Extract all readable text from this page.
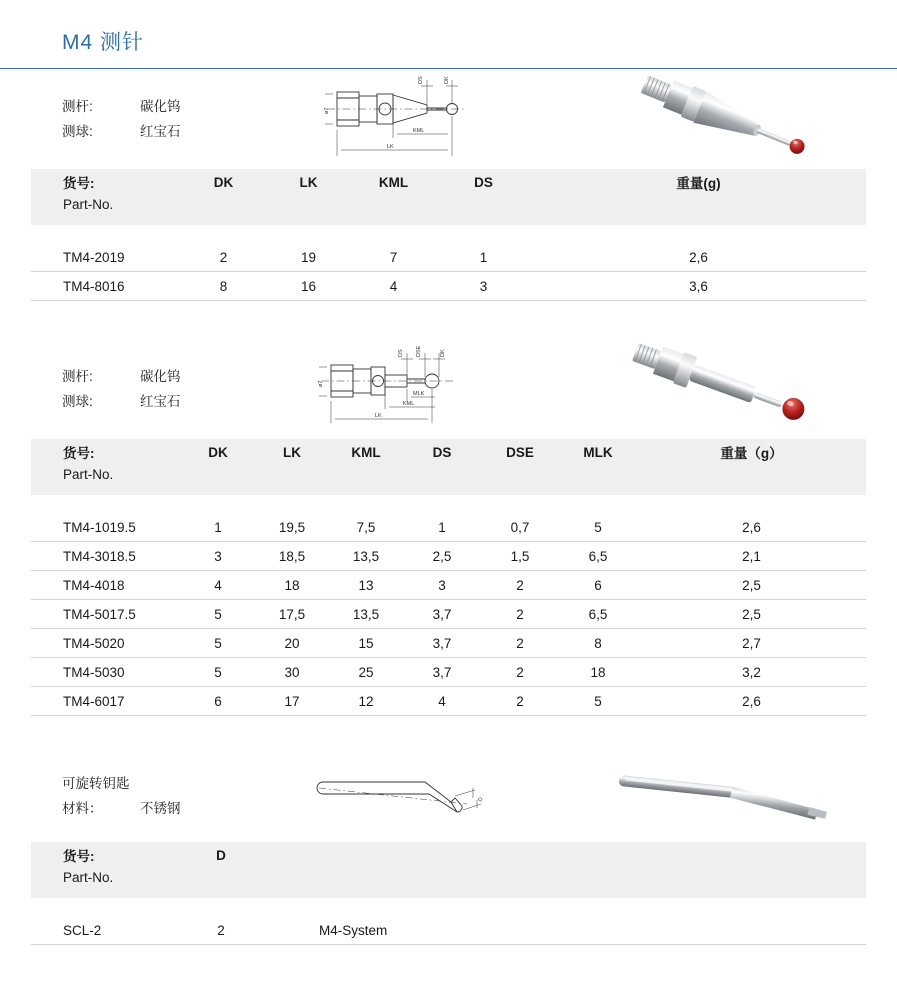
M4 测针
测杆:	碳化钨
测球:	红宝石
DS	DK
KML
LK
ø7
货号:	DK	LK	KML	DS	重量(g)
Part-No.					

TM4-2019	2	19	7	1	2,6
TM4-8016	8	16	4	3	3,6
测杆:	碳化钨
测球:	红宝石
DS DSE	DK
MLK
KML
LK
ø7
货号:	DK	LK	KML	DS	DSE	MLK	重量（g）
Part-No.							

TM4-1019.5	1	19,5	7,5	1	0,7	5	2,6
TM4-3018.5	3	18,5	13,5	2,5	1,5	6,5	2,1
TM4-4018	4	18	13	3	2	6	2,5
TM4-5017.5	5	17,5	13,5	3,7	2	6,5	2,5
TM4-5020	5	20	15	3,7	2	8	2,7
TM4-5030	5	30	25	3,7	2	18	3,2
TM4-6017	6	17	12	4	2	5	2,6
可旋转钥匙
材料：	不锈钢
D
货号:	D	
Part-No.		

SCL-2	2	M4-System
